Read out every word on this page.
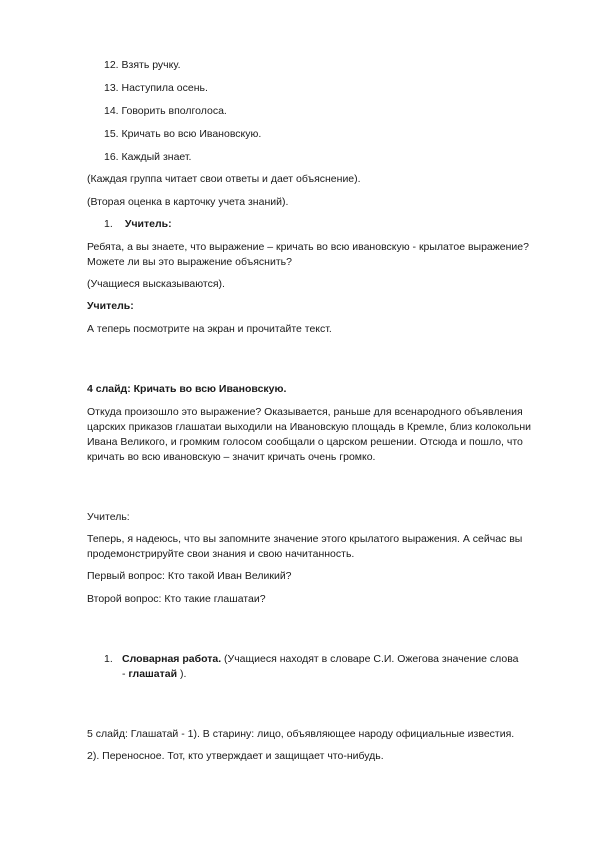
12. Взять ручку.

13. Наступила осень.

14. Говорить вполголоса.

15. Кричать во всю Ивановскую.

16. Каждый знает.

(Каждая группа читает свои ответы и дает объяснение).

(Вторая оценка в карточку учета знаний).

1. Учитель:

Ребята, а вы знаете, что выражение – кричать во всю ивановскую - крылатое выражение?

Можете ли вы это выражение объяснить?

(Учащиеся высказываются).

Учитель:

А теперь посмотрите на экран и прочитайте текст.

4 слайд: Кричать во всю Ивановскую.

Откуда произошло это выражение? Оказывается, раньше для всенародного объявления

царских приказов глашатаи выходили на Ивановскую площадь в Кремле, близ колокольни

Ивана Великого, и громким голосом сообщали о царском решении. Отсюда и пошло, что

кричать во всю ивановскую – значит кричать очень громко.

Учитель:

Теперь, я надеюсь, что вы запомните значение этого крылатого выражения. А сейчас вы

продемонстрируйте свои знания и свою начитанность.

Первый вопрос: Кто такой Иван Великий?

Второй вопрос: Кто такие глашатаи?

1. Словарная работа. (Учащиеся находят в словаре С.И. Ожегова значение слова

- глашатай ).

5 слайд: Глашатай - 1). В старину: лицо, объявляющее народу официальные известия.

2). Переносное. Тот, кто утверждает и защищает что-нибудь.
